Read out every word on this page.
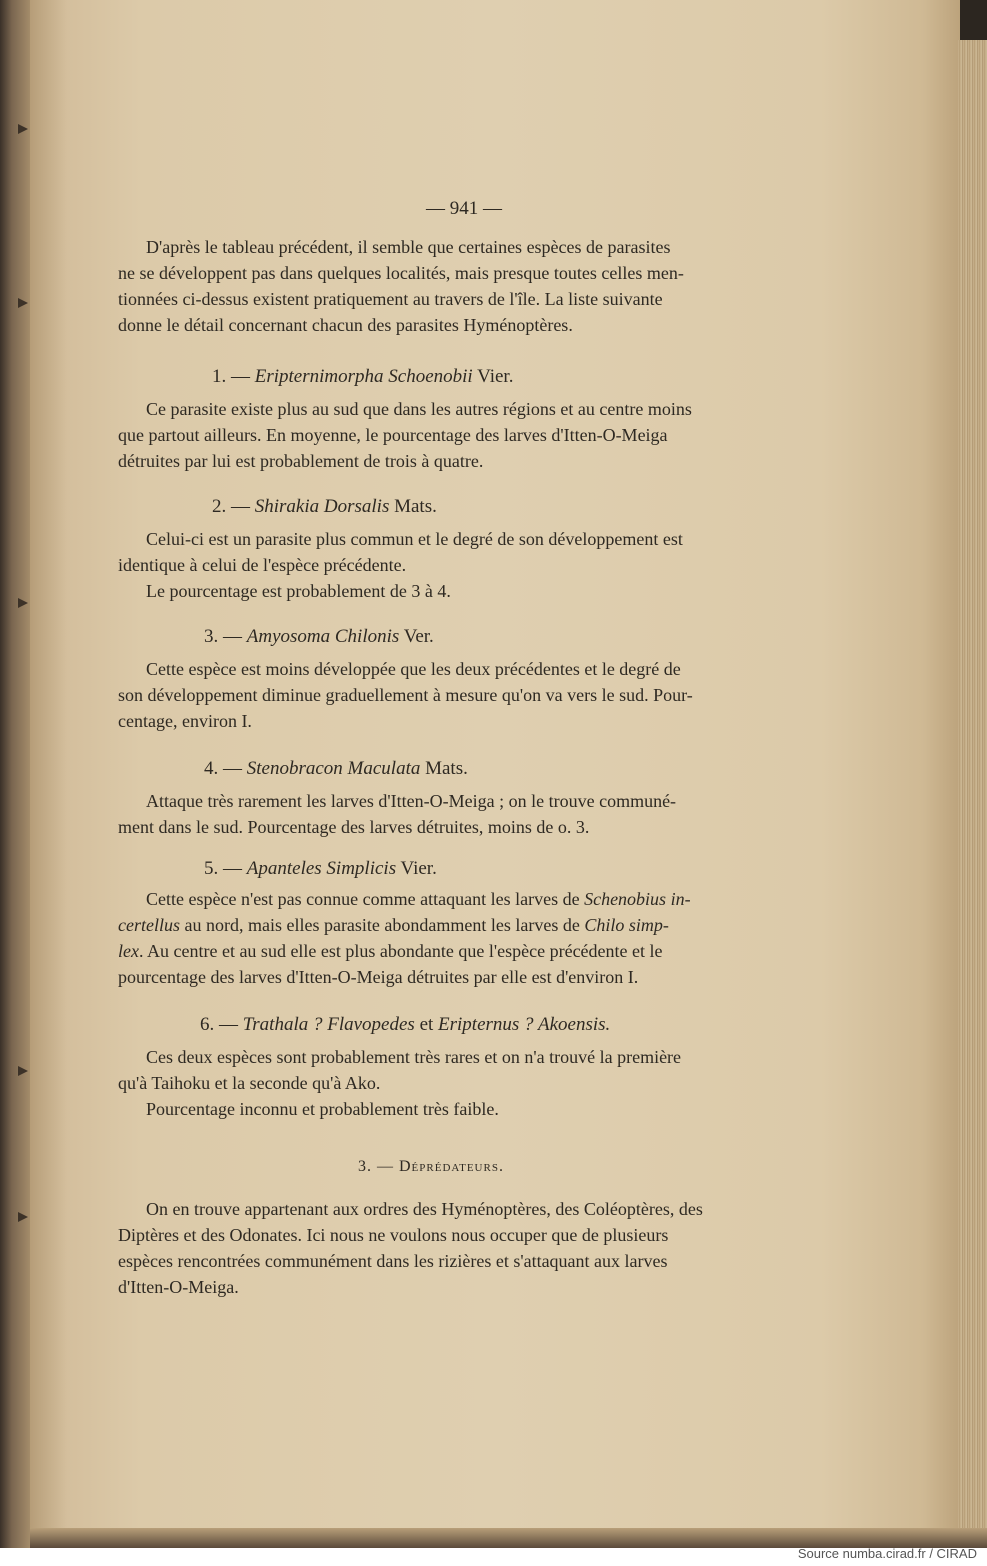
— 941 —
D'après le tableau précédent, il semble que certaines espèces de parasites
ne se développent pas dans quelques localités, mais presque toutes celles men-
tionnées ci-dessus existent pratiquement au travers de l'île. La liste suivante
donne le détail concernant chacun des parasites Hyménoptères.
1. — Eripternimorpha Schoenobii Vier.
Ce parasite existe plus au sud que dans les autres régions et au centre moins
que partout ailleurs. En moyenne, le pourcentage des larves d'Itten-O-Meiga
détruites par lui est probablement de trois à quatre.
2. — Shirakia Dorsalis Mats.
Celui-ci est un parasite plus commun et le degré de son développement est
identique à celui de l'espèce précédente.
Le pourcentage est probablement de 3 à 4.
3. — Amyosoma Chilonis Ver.
Cette espèce est moins développée que les deux précédentes et le degré de
son développement diminue graduellement à mesure qu'on va vers le sud. Pour-
centage, environ I.
4. — Stenobracon Maculata Mats.
Attaque très rarement les larves d'Itten-O-Meiga ; on le trouve communé-
ment dans le sud. Pourcentage des larves détruites, moins de o. 3.
5. — Apanteles Simplicis Vier.
Cette espèce n'est pas connue comme attaquant les larves de Schenobius in-
certellus au nord, mais elles parasite abondamment les larves de Chilo simp-
lex. Au centre et au sud elle est plus abondante que l'espèce précédente et le
pourcentage des larves d'Itten-O-Meiga détruites par elle est d'environ I.
6. — Trathala ? Flavopedes et Eripternus ? Akoensis.
Ces deux espèces sont probablement très rares et on n'a trouvé la première
qu'à Taihoku et la seconde qu'à Ako.
Pourcentage inconnu et probablement très faible.
3. — Déprédateurs.
On en trouve appartenant aux ordres des Hyménoptères, des Coléoptères, des
Diptères et des Odonates. Ici nous ne voulons nous occuper que de plusieurs
espèces rencontrées communément dans les rizières et s'attaquant aux larves
d'Itten-O-Meiga.
Source numba.cirad.fr / CIRAD
